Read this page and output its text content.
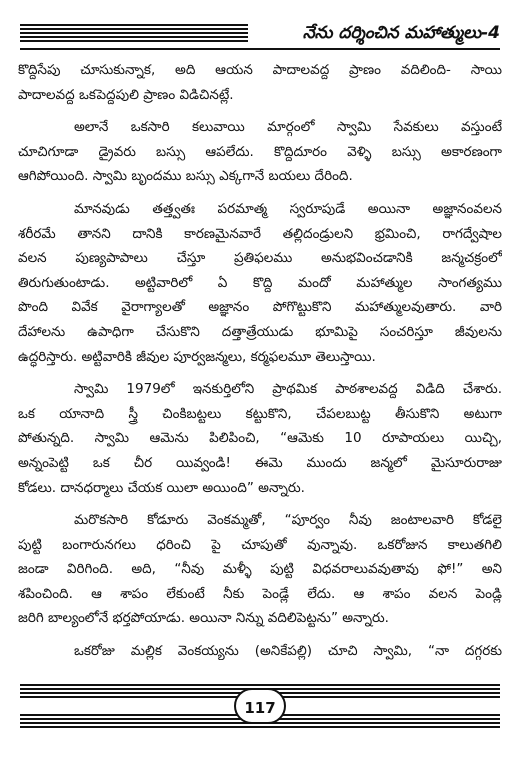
నేను దర్శించిన మహాత్ములు-4
కొద్దిసేపు చూసుకున్నాక, అది ఆయన పాదాలవద్ద ప్రాణం వదిలింది- సాయి
పాదాలవద్ద ఒకపెద్దపులి ప్రాణం విడిచినట్లే.
అలానే ఒకసారి కలువాయి మార్గంలో స్వామి సేవకులు వస్తుంటే
చూచిగూడా డ్రైవరు బస్సు ఆపలేదు. కొద్దిదూరం వెళ్ళి బస్సు అకారణంగా
ఆగిపోయింది. స్వామి బృందము బస్సు ఎక్కగానే బయలు దేరింది.
మానవుడు తత్త్వతః పరమాత్మ స్వరూపుడే అయినా అజ్ఞానంవలన
శరీరమే తానని దానికి కారణమైనవారే తల్లిదండ్రులని భ్రమించి, రాగద్వేషాల
వలన పుణ్యపాపాలు చేస్తూ ప్రతిఫలము అనుభవించడానికి జన్మచక్రంలో
తిరుగుతుంటాడు. అట్టివారిలో ఏ కొద్ది మందో మహాత్ముల సాంగత్యము
పొంది వివేక వైరాగ్యాలతో అజ్ఞానం పోగొట్టుకొని మహాత్ములవుతారు. వారి
దేహాలను ఉపాధిగా చేసుకొని దత్తాత్రేయుడు భూమిపై సంచరిస్తూ జీవులను
ఉద్ధరిస్తారు. అట్టివారికి జీవుల పూర్వజన్మలు, కర్మఫలమూ తెలుస్తాయి.
స్వామి 1979లో ఇనకుర్తిలోని ప్రాథమిక పాఠశాలవద్ద విడిది చేశారు.
ఒక యానాది స్త్రీ చింకిబట్టలు కట్టుకొని, చేపలబుట్ట తీసుకొని అటుగా
పోతున్నది. స్వామి ఆమెను పిలిపించి, “ఆమెకు 10 రూపాయలు యిచ్చి,
అన్నంపెట్టి ఒక చీర యివ్వండి! ఈమె ముందు జన్మలో మైసూరురాజు
కోడలు. దానధర్మాలు చేయక యిలా అయింది” అన్నారు.
మరొకసారి కోడూరు వెంకమ్మతో, “పూర్వం నీవు జంటాలవారి కోడలై
పుట్టి బంగారునగలు ధరించి పై చూపుతో వున్నావు. ఒకరోజున కాలుతగిలి
జండా విరిగింది. అది, “నీవు మళ్ళీ పుట్టి విధవరాలువవుతావు ఫో!” అని
శపించింది. ఆ శాపం లేకుంటే నీకు పెండ్లే లేదు. ఆ శాపం వలన పెండ్లి
జరిగి బాల్యంలోనే భర్తపోయాడు. అయినా నిన్ను వదిలిపెట్టను” అన్నారు.
ఒకరోజు మల్లిక వెంకయ్యను (అనికేపల్లి) చూచి స్వామి, “నా దగ్గరకు
117
